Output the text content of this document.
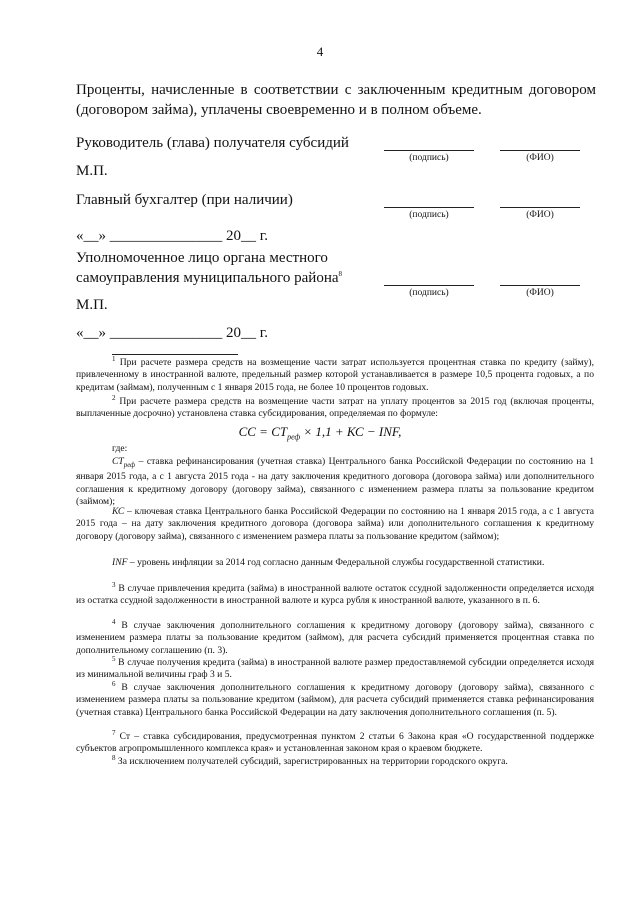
4
Проценты, начисленные в соответствии с заключенным кредитным договором (договором займа), уплачены своевременно и в полном объеме.
Руководитель (глава) получателя субсидий
(подпись)	(ФИО)
М.П.
Главный бухгалтер (при наличии)
(подпись)	(ФИО)
«__» _______________ 20__ г.
Уполномоченное лицо органа местного
самоуправления муниципального района$^8$
(подпись)	(ФИО)
М.П.
«__» _______________ 20__ г.
$^1$ При расчете размера средств на возмещение части затрат используется процентная ставка по кредиту (займу), привлеченному в иностранной валюте, предельный размер которой устанавливается в размере 10,5 процента годовых, а по кредитам (займам), полученным с 1 января 2015 года, не более 10 процентов годовых.
$^2$ При расчете размера средств на возмещение части затрат на уплату процентов за 2015 год (включая проценты, выплаченные досрочно) установлена ставка субсидирования, определяемая по формуле:
CC = $CT_{реф} \times 1,1$ + КС − INF,
где:
$СТ_{реф}$ – ставка рефинансирования (учетная ставка) Центрального банка Российской Федерации по состоянию на 1 января 2015 года, а с 1 августа 2015 года - на дату заключения кредитного договора (договора займа) или дополнительного соглашения к кредитному договору (договору займа), связанного с изменением размера платы за пользование кредитом (займом);
КС – ключевая ставка Центрального банка Российской Федерации по состоянию на 1 января 2015 года, а с 1 августа 2015 года – на дату заключения кредитного договора (договора займа) или дополнительного соглашения к кредитному договору (договору займа), связанного с изменением размера платы за пользование кредитом (займом);
INF – уровень инфляции за 2014 год согласно данным Федеральной службы государственной статистики.
$^3$ В случае привлечения кредита (займа) в иностранной валюте остаток ссудной задолженности определяется исходя из остатка ссудной задолженности в иностранной валюте и курса рубля к иностранной валюте, указанного в п. 6.
$^4$ В случае заключения дополнительного соглашения к кредитному договору (договору займа), связанного с изменением размера платы за пользование кредитом (займом), для расчета субсидий применяется процентная ставка по дополнительному соглашению (п. 3).
$^5$ В случае получения кредита (займа) в иностранной валюте размер предоставляемой субсидии определяется исходя из минимальной величины граф 3 и 5.
$^6$ В случае заключения дополнительного соглашения к кредитному договору (договору займа), связанного с изменением размера платы за пользование кредитом (займом), для расчета субсидий применяется ставка рефинансирования (учетная ставка) Центрального банка Российской Федерации на дату заключения дополнительного соглашения (п. 5).
$^7$ Ст – ставка субсидирования, предусмотренная пунктом 2 статьи 6 Закона края «О государственной поддержке субъектов агропромышленного комплекса края» и установленная законом края о краевом бюджете.
$^8$ За исключением получателей субсидий, зарегистрированных на территории городского округа.
